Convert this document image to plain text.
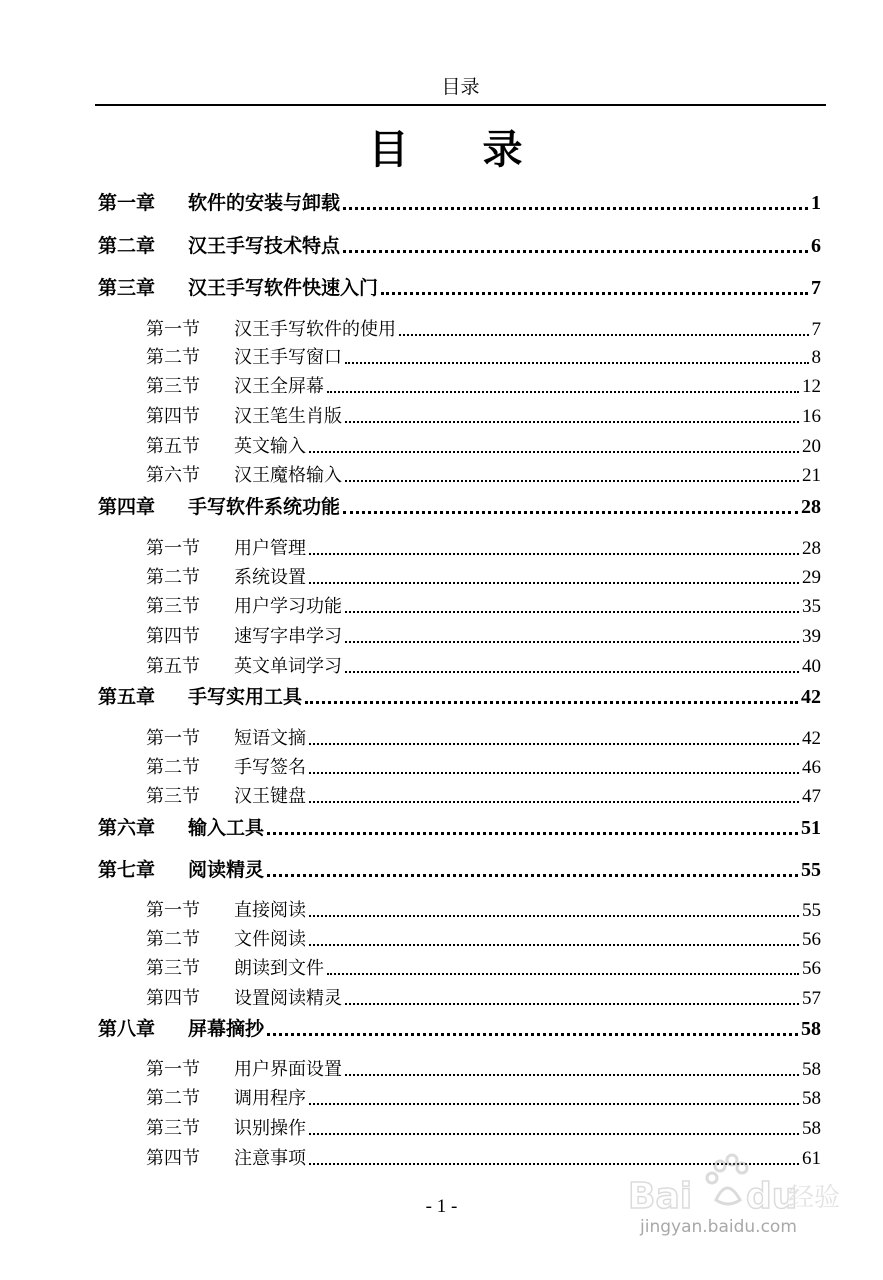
目录
目 录
第一章	软件的安装与卸载	1
第二章	汉王手写技术特点	6
第三章	汉王手写软件快速入门	7
第一节	汉王手写软件的使用	7
第二节	汉王手写窗口	8
第三节	汉王全屏幕	12
第四节	汉王笔生肖版	16
第五节	英文输入	20
第六节	汉王魔格输入	21
第四章	手写软件系统功能	28
第一节	用户管理	28
第二节	系统设置	29
第三节	用户学习功能	35
第四节	速写字串学习	39
第五节	英文单词学习	40
第五章	手写实用工具	42
第一节	短语文摘	42
第二节	手写签名	46
第三节	汉王键盘	47
第六章	输入工具	51
第七章	阅读精灵	55
第一节	直接阅读	55
第二节	文件阅读	56
第三节	朗读到文件	56
第四节	设置阅读精灵	57
第八章	屏幕摘抄	58
第一节	用户界面设置	58
第二节	调用程序	58
第三节	识别操作	58
第四节	注意事项	61
- 1 -	Bai du
经验
jingyan.baidu.com
